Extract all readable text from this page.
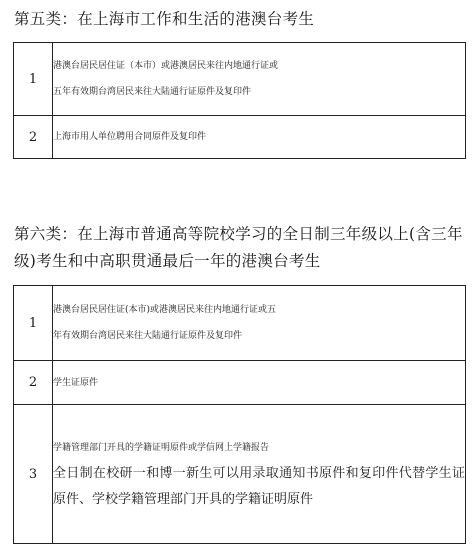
第五类：在上海市工作和生活的港澳台考生

1	港澳台居民居住证（本市）或港澳居民来往内地通行证或
五年有效期台湾居民来往大陆通行证原件及复印件

2	上海市用人单位聘用合同原件及复印件

第六类：在上海市普通高等院校学习的全日制三年级以上(含三年级)考生和中高职贯通最后一年的港澳台考生

1	港澳台居民居住证(本市)或港澳居民来往内地通行证或五
年有效期台湾居民来往大陆通行证原件及复印件

2	学生证原件

3	学籍管理部门开具的学籍证明原件或学信网上学籍报告
全日制在校研一和博一新生可以用录取通知书原件和复印件代替学生证原件、学校学籍管理部门开具的学籍证明原件
